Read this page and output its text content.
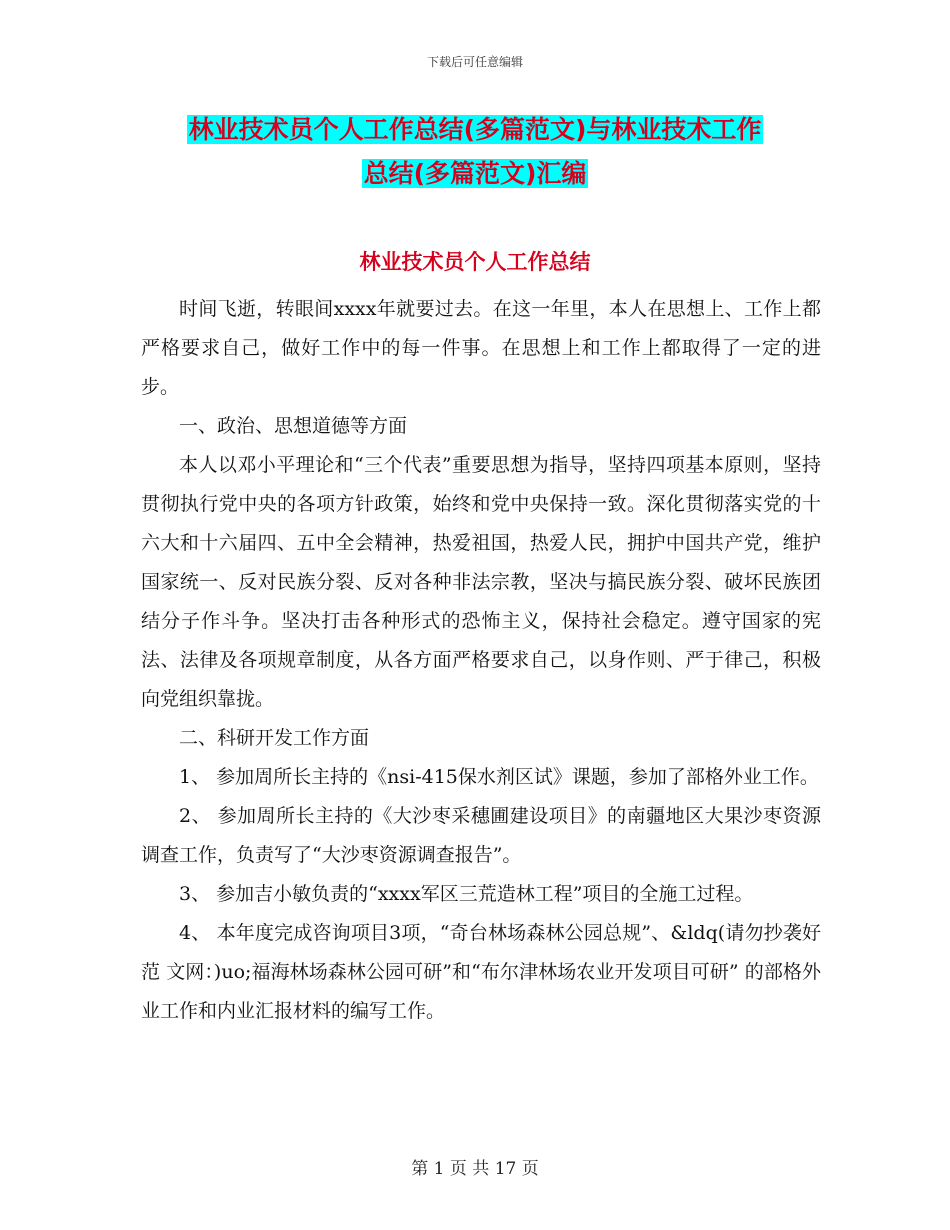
下载后可任意编辑
林业技术员个人工作总结(多篇范文)与林业技术工作
总结(多篇范文)汇编
林业技术员个人工作总结

时间飞逝，转眼间xxxx年就要过去。在这一年里，本人在思想上、工作上都严格要求自己，做好工作中的每一件事。在思想上和工作上都取得了一定的进步。

一、政治、思想道德等方面

本人以邓小平理论和“三个代表”重要思想为指导，坚持四项基本原则，坚持贯彻执行党中央的各项方针政策，始终和党中央保持一致。深化贯彻落实党的十六大和十六届四、五中全会精神，热爱祖国，热爱人民，拥护中国共产党，维护国家统一、反对民族分裂、反对各种非法宗教，坚决与搞民族分裂、破坏民族团结分子作斗争。坚决打击各种形式的恐怖主义，保持社会稳定。遵守国家的宪法、法律及各项规章制度，从各方面严格要求自己，以身作则、严于律己，积极向党组织靠拢。

二、科研开发工作方面

1、 参加周所长主持的《nsi-415保水剂区试》课题，参加了部格外业工作。

2、 参加周所长主持的《大沙枣采穗圃建设项目》的南疆地区大果沙枣资源调查工作，负责写了“大沙枣资源调查报告”。

3、 参加吉小敏负责的“xxxx军区三荒造林工程”项目的全施工过程。

4、 本年度完成咨询项目3项，“奇台林场森林公园总规”、&ldq(请勿抄袭好范 文网：)uo;福海林场森林公园可研”和“布尔津林场农业开发项目可研” 的部格外业工作和内业汇报材料的编写工作。

第 1 页 共 17 页
